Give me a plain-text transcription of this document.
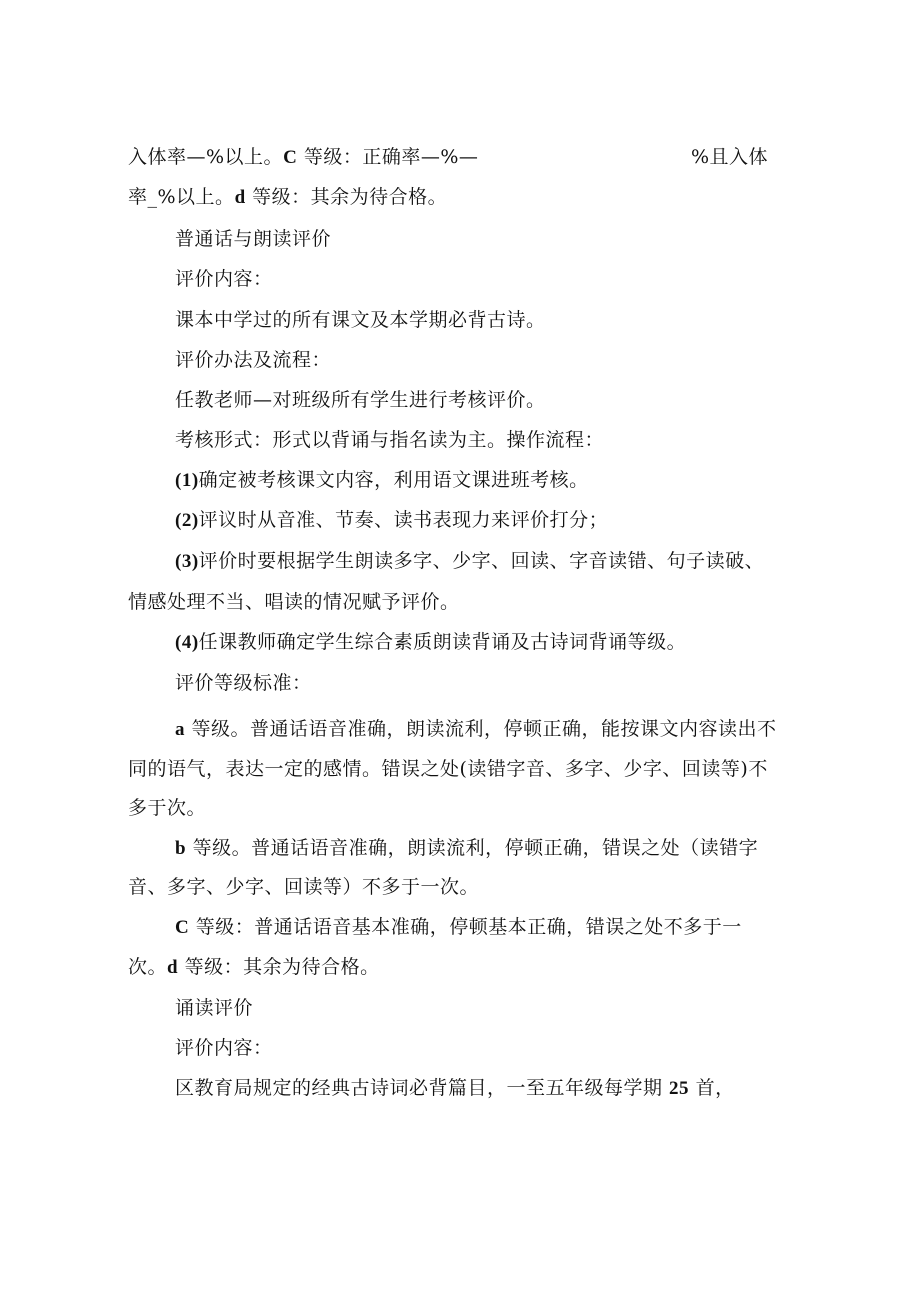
入体率—%以上。C 等级：正确率—%—	%且入体

率_%以上。d 等级：其余为待合格。

普通话与朗读评价

评价内容：

课本中学过的所有课文及本学期必背古诗。

评价办法及流程：

任教老师—对班级所有学生进行考核评价。

考核形式：形式以背诵与指名读为主。操作流程：

(1)确定被考核课文内容，利用语文课进班考核。

(2)评议时从音准、节奏、读书表现力来评价打分；

(3)评价时要根据学生朗读多字、少字、回读、字音读错、句子读破、

情感处理不当、唱读的情况赋予评价。

(4)任课教师确定学生综合素质朗读背诵及古诗词背诵等级。

评价等级标准：

a 等级。普通话语音准确，朗读流利，停顿正确，能按课文内容读出不

同的语气，表达一定的感情。错误之处(读错字音、多字、少字、回读等)不

多于次。

b 等级。普通话语音准确，朗读流利，停顿正确，错误之处（读错字

音、多字、少字、回读等）不多于一次。

C 等级：普通话语音基本准确，停顿基本正确，错误之处不多于一

次。d 等级：其余为待合格。

诵读评价

评价内容：

区教育局规定的经典古诗词必背篇目，一至五年级每学期 25 首，
